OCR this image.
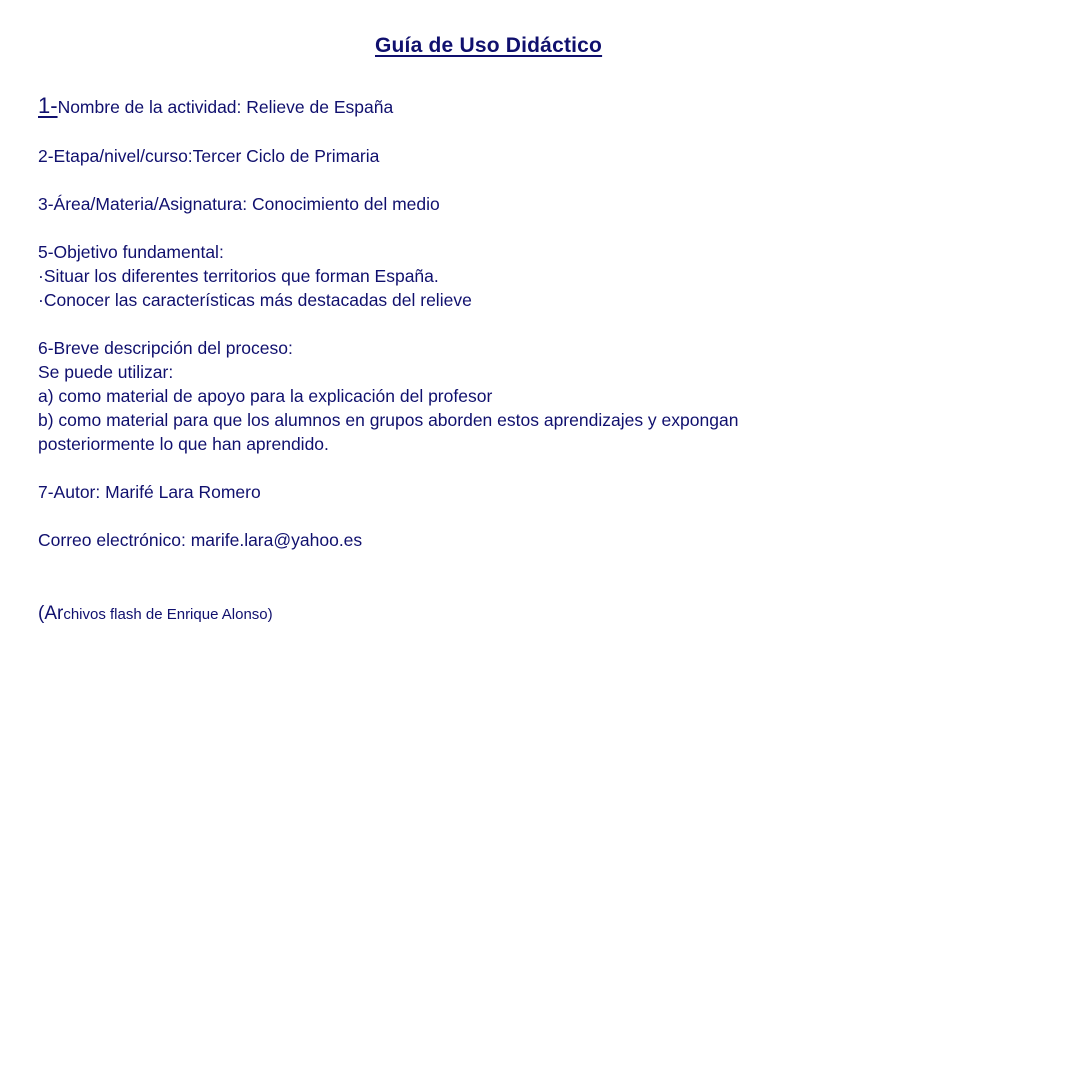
Guía de Uso Didáctico
1-Nombre de la actividad: Relieve de España
2-Etapa/nivel/curso:Tercer Ciclo de Primaria
3-Área/Materia/Asignatura: Conocimiento del medio
5-Objetivo fundamental:
·Situar los diferentes territorios que forman España.
·Conocer las características más destacadas del relieve
6-Breve descripción del proceso:
Se puede utilizar:
a) como material de apoyo para la explicación del profesor
b) como material para que los alumnos en grupos aborden estos aprendizajes y expongan
posteriormente lo que han aprendido.
7-Autor: Marifé Lara Romero
Correo electrónico: marife.lara@yahoo.es
(Archivos flash de Enrique Alonso)
